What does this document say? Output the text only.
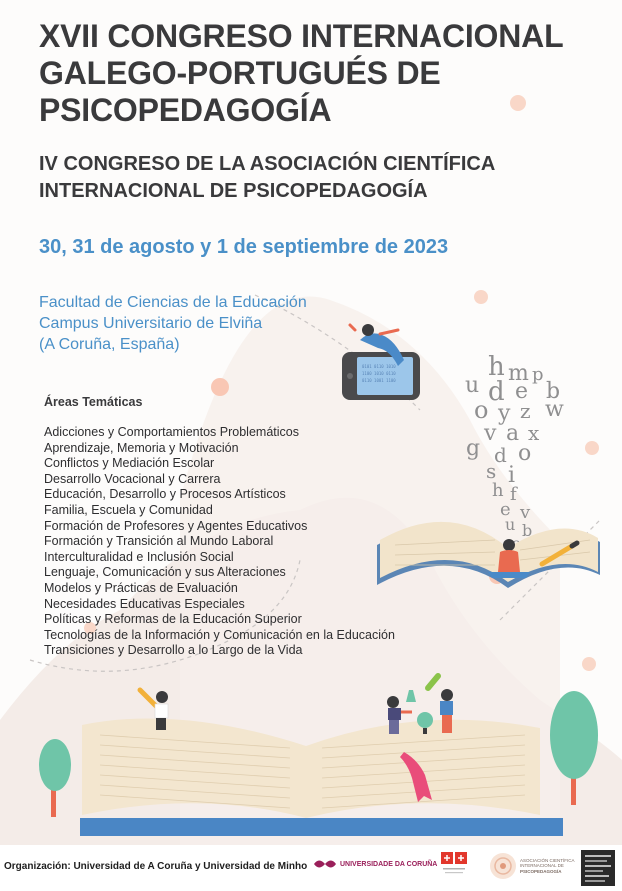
0101 0110 1010
1100 1010 0110
0110 1001 1100	h m p
u d e b
o y z w
v a x
g d o
s i
h f
e v
u b
XVII CONGRESO INTERNACIONAL
GALEGO-PORTUGUÉS DE
PSICOPEDAGOGÍA
IV CONGRESO DE LA ASOCIACIÓN CIENTÍFICA
INTERNACIONAL DE PSICOPEDAGOGÍA

30, 31 de agosto y 1 de septiembre de 2023

Facultad de Ciencias de la Educación
Campus Universitario de Elviña
(A Coruña, España)
Áreas Temáticas
Adicciones y Comportamientos Problemáticos
Aprendizaje, Memoria y Motivación
Conflictos y Mediación Escolar
Desarrollo Vocacional y Carrera
Educación, Desarrollo y Procesos Artísticos
Familia, Escuela y Comunidad
Formación de Profesores y Agentes Educativos
Formación y Transición al Mundo Laboral
Interculturalidad e Inclusión Social
Lenguaje, Comunicación y sus Alteraciones
Modelos y Prácticas de Evaluación
Necesidades Educativas Especiales
Políticas y Reformas de la Educación Superior
Tecnologías de la Información y Comunicación en la Educación
Transiciones y Desarrollo a lo Largo de la Vida
Organización: Universidad de A Coruña y Universidad de Minho	UNIVERSIDADE DA CORUÑA
ASOCIACIÓN CIENTÍFICA
INTERNACIONAL DE
PSICOPEDAGOGÍA
